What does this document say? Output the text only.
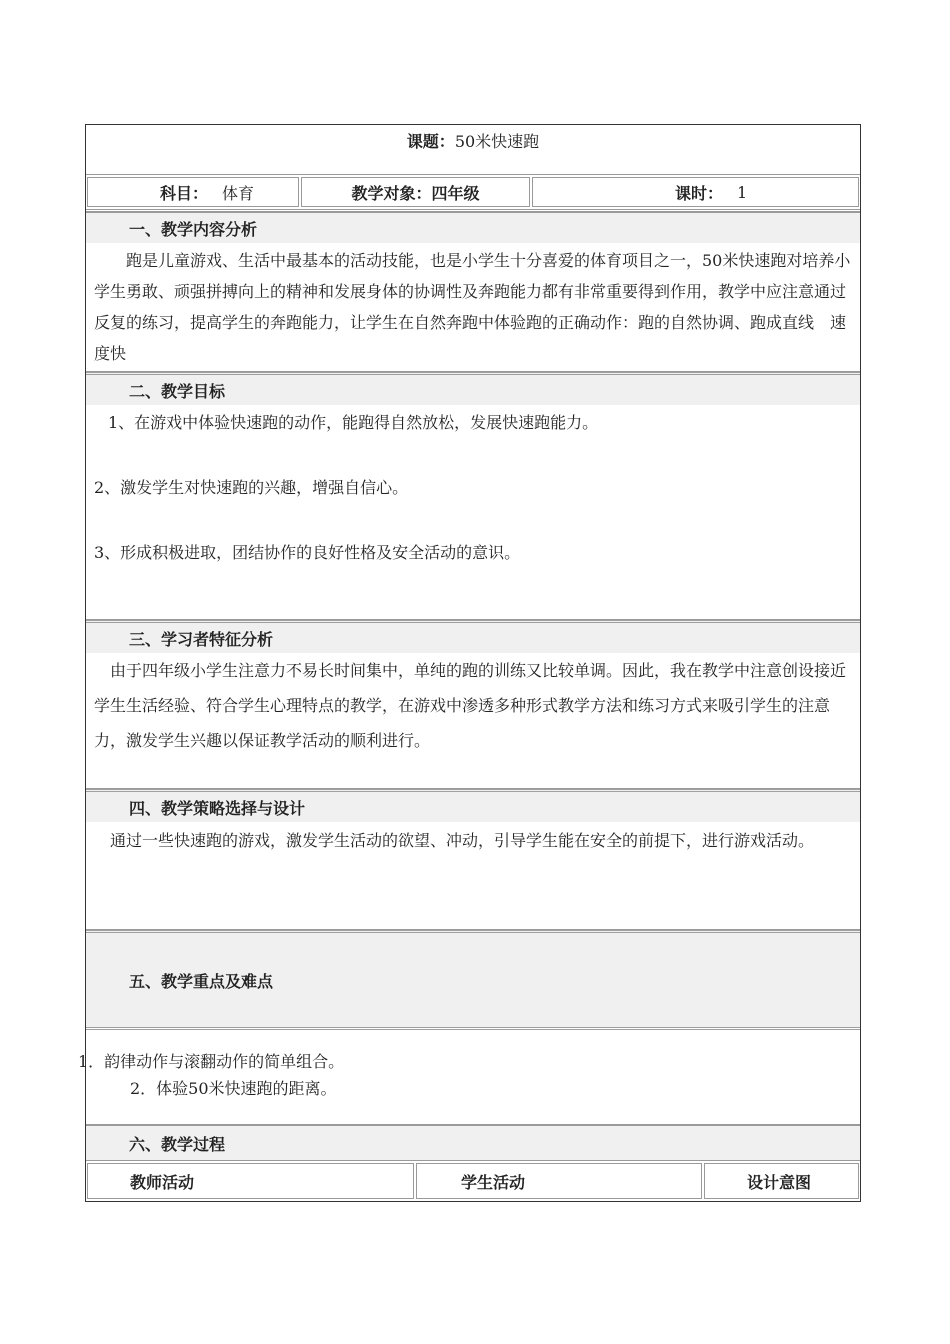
课题：50米快速跑
科目： 体育	教学对象：四年级	课时： 1
一、教学内容分析
跑是儿童游戏、生活中最基本的活动技能，也是小学生十分喜爱的体育项目之一，50米快速跑对培养小学生勇敢、顽强拼搏向上的精神和发展身体的协调性及奔跑能力都有非常重要得到作用，教学中应注意通过反复的练习，提高学生的奔跑能力，让学生在自然奔跑中体验跑的正确动作：跑的自然协调、跑成直线　速度快
二、教学目标

1、在游戏中体验快速跑的动作，能跑得自然放松，发展快速跑能力。

2、激发学生对快速跑的兴趣，增强自信心。

3、形成积极进取，团结协作的良好性格及安全活动的意识。

三、学习者特征分析
由于四年级小学生注意力不易长时间集中，单纯的跑的训练又比较单调。因此，我在教学中注意创设接近学生生活经验、符合学生心理特点的教学，在游戏中渗透多种形式教学方法和练习方式来吸引学生的注意力，激发学生兴趣以保证教学活动的顺利进行。
四、教学策略选择与设计
通过一些快速跑的游戏，激发学生活动的欲望、冲动，引导学生能在安全的前提下，进行游戏活动。
五、教学重点及难点

1．韵律动作与滚翻动作的简单组合。

2．体验50米快速跑的距离。

六、教学过程
教师活动	学生活动	设计意图
